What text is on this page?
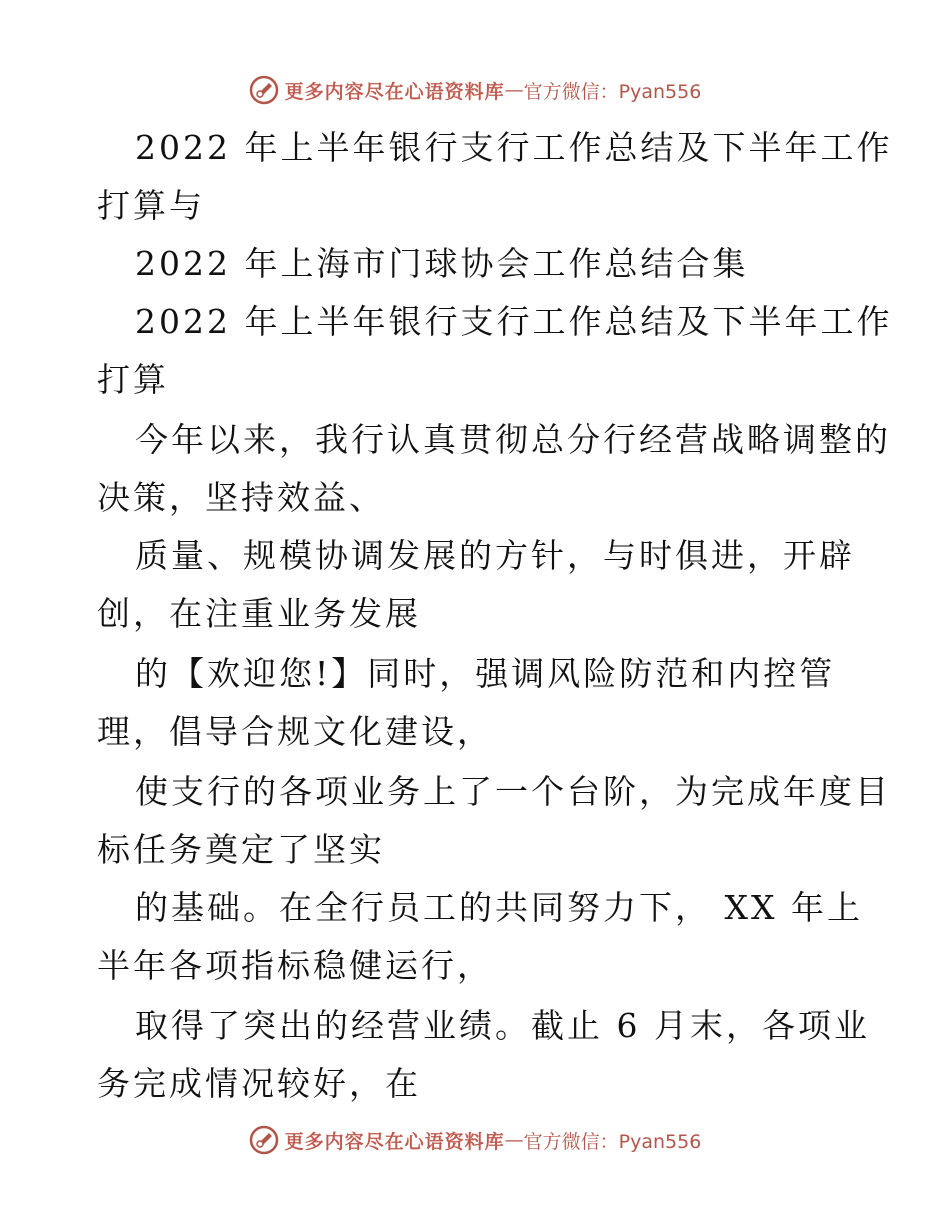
更多内容尽在心语资料库 — 官方微信：Pyan556
2022 年上半年银行支行工作总结及下半年工作
打算与
2022 年上海市门球协会工作总结合集
2022 年上半年银行支行工作总结及下半年工作
打算
今年以来，我行认真贯彻总分行经营战略调整的
决策，坚持效益、
质量、规模协调发展的方针，与时俱进，开辟
创，在注重业务发展
的【欢迎您!】同时，强调风险防范和内控管
理，倡导合规文化建设，
使支行的各项业务上了一个台阶，为完成年度目
标任务奠定了坚实
的基础。在全行员工的共同努力下， XX 年上
半年各项指标稳健运行，
取得了突出的经营业绩。截止 6 月末，各项业
务完成情况较好，在
更多内容尽在心语资料库 — 官方微信：Pyan556
